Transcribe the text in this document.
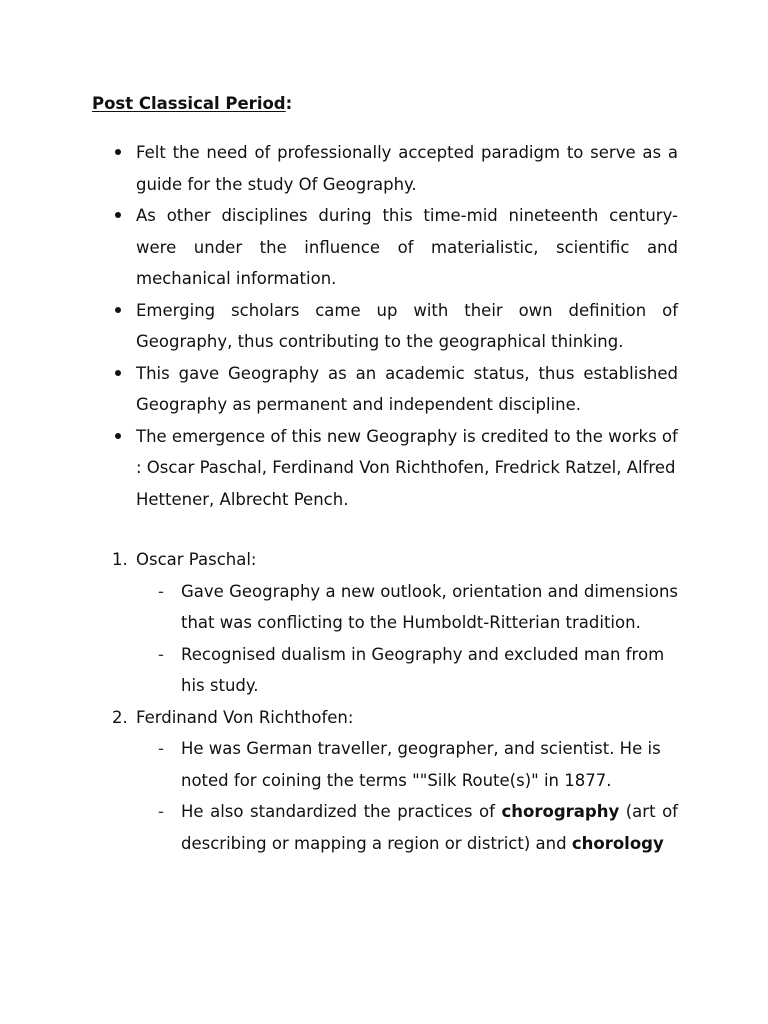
Post Classical Period:
Felt the need of professionally accepted paradigm to serve as a guide for the study Of Geography.
As other disciplines during this time-mid nineteenth century- were under the influence of materialistic, scientific and mechanical information.
Emerging scholars came up with their own definition of Geography, thus contributing to the geographical thinking.
This gave Geography as an academic status, thus established Geography as permanent and independent discipline.
The emergence of this new Geography is credited to the works of : Oscar Paschal, Ferdinand Von Richthofen, Fredrick Ratzel, Alfred Hettener, Albrecht Pench.
1. Oscar Paschal:
- Gave Geography a new outlook, orientation and dimensions that was conflicting to the Humboldt-Ritterian tradition.
- Recognised dualism in Geography and excluded man from his study.
2. Ferdinand Von Richthofen:
- He was German traveller, geographer, and scientist. He is noted for coining the terms ""Silk Route(s)" in 1877.
- He also standardized the practices of chorography (art of describing or mapping a region or district) and chorology
